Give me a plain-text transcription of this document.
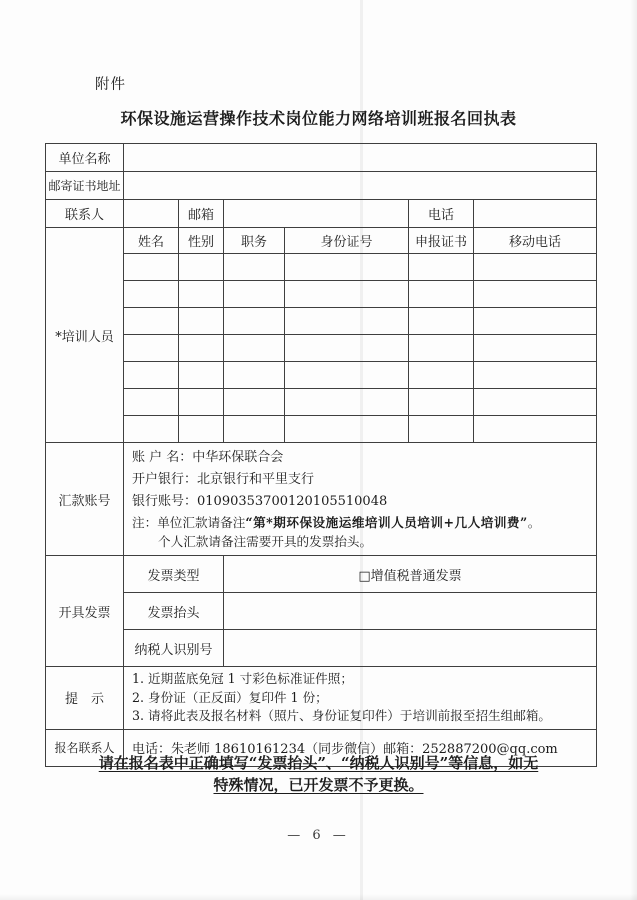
附件
环保设施运营操作技术岗位能力网络培训班报名回执表
单位名称						
邮寄证书地址						
联系人		邮箱			电话	
*培训人员	姓名	性别	职务	身份证号	申报证书	移动电话

汇款账号	账 户 名：中华环保联合会
开户银行：北京银行和平里支行
银行账号：01090353700120105510048
注：单位汇款请备注“第*期环保设施运维培训人员培训+几人培训费”。
个人汇款请备注需要开具的发票抬头。					

开具发票	发票类型		□增值税普通发票			
	发票抬头					
	纳税人识别号					
提　示	1. 近期蓝底免冠 1 寸彩色标准证件照；
2. 身份证（正反面）复印件 1 份；
3. 请将此表及报名材料（照片、身份证复印件）于培训前报至招生组邮箱。					

报名联系人	电话：朱老师 18610161234（同步微信）邮箱：252887200@qq.com					
请在报名表中正确填写“发票抬头”、“纳税人识别号”等信息，如无 特殊情况，已开发票不予更换。
— 6 —
